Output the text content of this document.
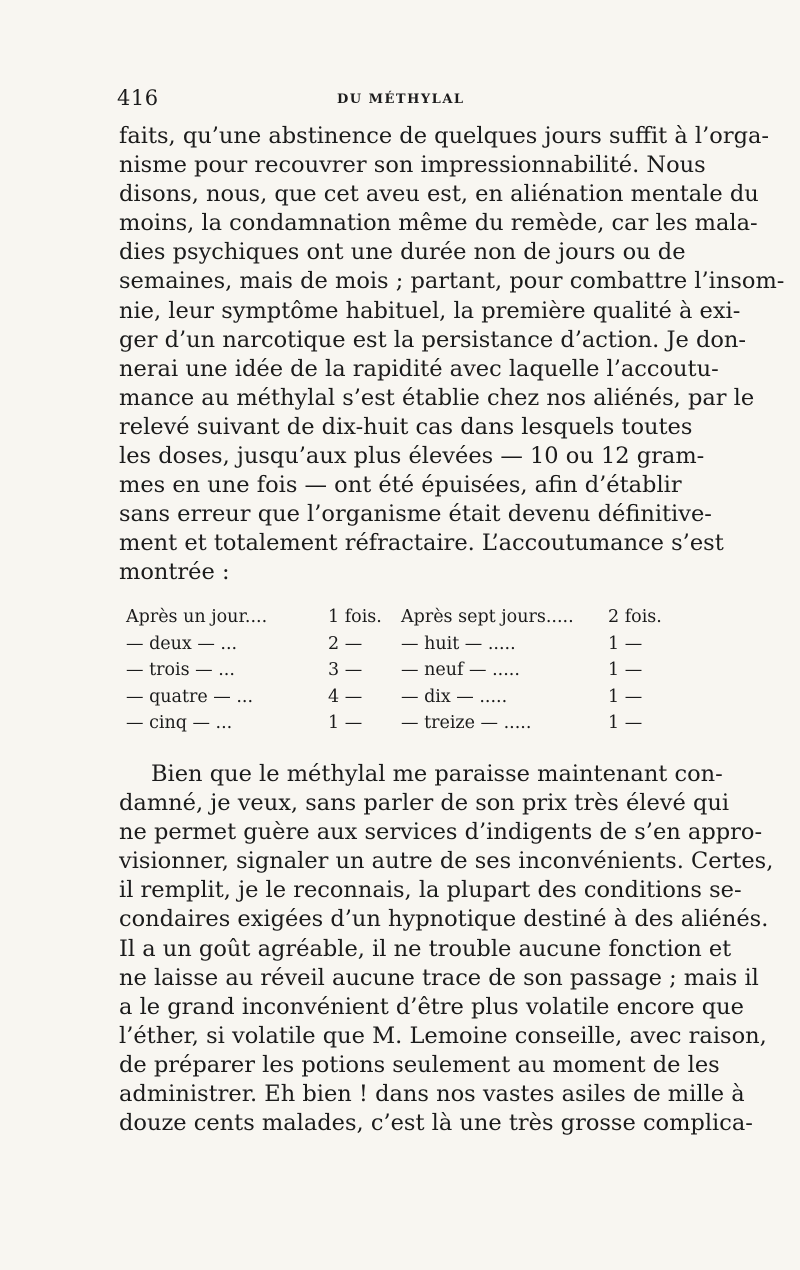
416	DU MÉTHYLAL
faits, qu’une abstinence de quelques jours suffit à l’orga-
nisme pour recouvrer son impressionnabilité. Nous
disons, nous, que cet aveu est, en aliénation mentale du
moins, la condamnation même du remède, car les mala-
dies psychiques ont une durée non de jours ou de
semaines, mais de mois ; partant, pour combattre l’insom-
nie, leur symptôme habituel, la première qualité à exi-
ger d’un narcotique est la persistance d’action. Je don-
nerai une idée de la rapidité avec laquelle l’accoutu-
mance au méthylal s’est établie chez nos aliénés, par le
relevé suivant de dix-huit cas dans lesquels toutes
les doses, jusqu’aux plus élevées — 10 ou 12 gram-
mes en une fois — ont été épuisées, afin d’établir
sans erreur que l’organisme était devenu définitive-
ment et totalement réfractaire. L’accoutumance s’est
montrée :
Après un jour....	1 fois. Après sept jours..... 2 fois.
— deux — ...	2 — — huit — .....	1 —
— trois — ...	3 — — neuf — .....	1 —
— quatre — ...	4 — — dix — .....	1 —
— cinq — ...	1 — — treize — .....	1 —
Bien que le méthylal me paraisse maintenant con-
damné, je veux, sans parler de son prix très élevé qui
ne permet guère aux services d’indigents de s’en appro-
visionner, signaler un autre de ses inconvénients. Certes,
il remplit, je le reconnais, la plupart des conditions se-
condaires exigées d’un hypnotique destiné à des aliénés.
Il a un goût agréable, il ne trouble aucune fonction et
ne laisse au réveil aucune trace de son passage ; mais il
a le grand inconvénient d’être plus volatile encore que
l’éther, si volatile que M. Lemoine conseille, avec raison,
de préparer les potions seulement au moment de les
administrer. Eh bien ! dans nos vastes asiles de mille à
douze cents malades, c’est là une très grosse complica-
